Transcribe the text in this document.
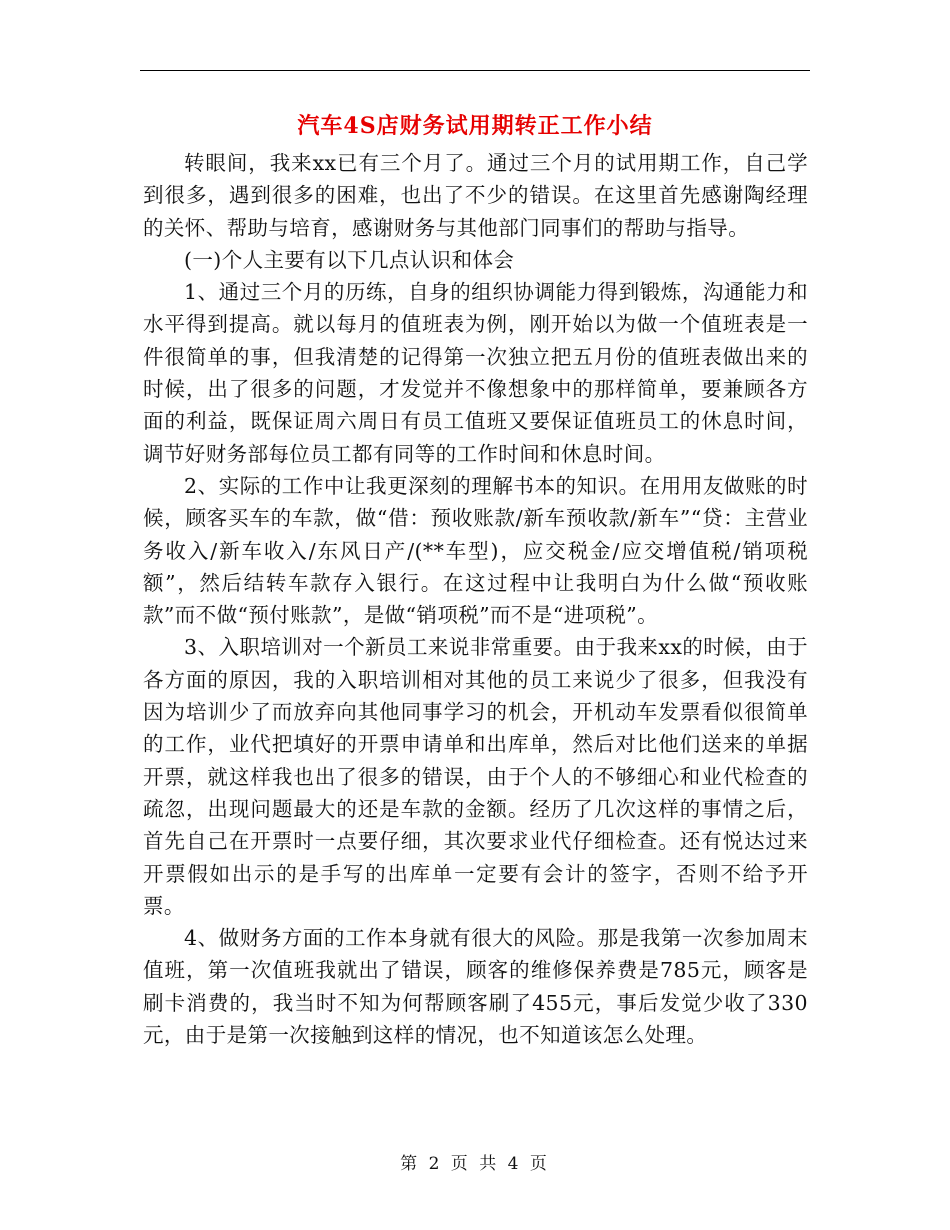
汽车4S店财务试用期转正工作小结

转眼间，我来xx已有三个月了。通过三个月的试用期工作，自己学到很多，遇到很多的困难，也出了不少的错误。在这里首先感谢陶经理的关怀、帮助与培育，感谢财务与其他部门同事们的帮助与指导。

(一)个人主要有以下几点认识和体会

1、通过三个月的历练，自身的组织协调能力得到锻炼，沟通能力和水平得到提高。就以每月的值班表为例，刚开始以为做一个值班表是一件很简单的事，但我清楚的记得第一次独立把五月份的值班表做出来的时候，出了很多的问题，才发觉并不像想象中的那样简单，要兼顾各方面的利益，既保证周六周日有员工值班又要保证值班员工的休息时间，调节好财务部每位员工都有同等的工作时间和休息时间。

2、实际的工作中让我更深刻的理解书本的知识。在用用友做账的时候，顾客买车的车款，做“借：预收账款/新车预收款/新车”“贷：主营业务收入/新车收入/东风日产/(**车型)，应交税金/应交增值税/销项税额”，然后结转车款存入银行。在这过程中让我明白为什么做“预收账款”而不做“预付账款”，是做“销项税”而不是“进项税”。

3、入职培训对一个新员工来说非常重要。由于我来xx的时候，由于各方面的原因，我的入职培训相对其他的员工来说少了很多，但我没有因为培训少了而放弃向其他同事学习的机会，开机动车发票看似很简单的工作，业代把填好的开票申请单和出库单，然后对比他们送来的单据开票，就这样我也出了很多的错误，由于个人的不够细心和业代检查的疏忽，出现问题最大的还是车款的金额。经历了几次这样的事情之后，首先自己在开票时一点要仔细，其次要求业代仔细检查。还有悦达过来开票假如出示的是手写的出库单一定要有会计的签字，否则不给予开票。

4、做财务方面的工作本身就有很大的风险。那是我第一次参加周末值班，第一次值班我就出了错误，顾客的维修保养费是785元，顾客是刷卡消费的，我当时不知为何帮顾客刷了455元，事后发觉少收了330元，由于是第一次接触到这样的情况，也不知道该怎么处理。

第 2 页 共 4 页
